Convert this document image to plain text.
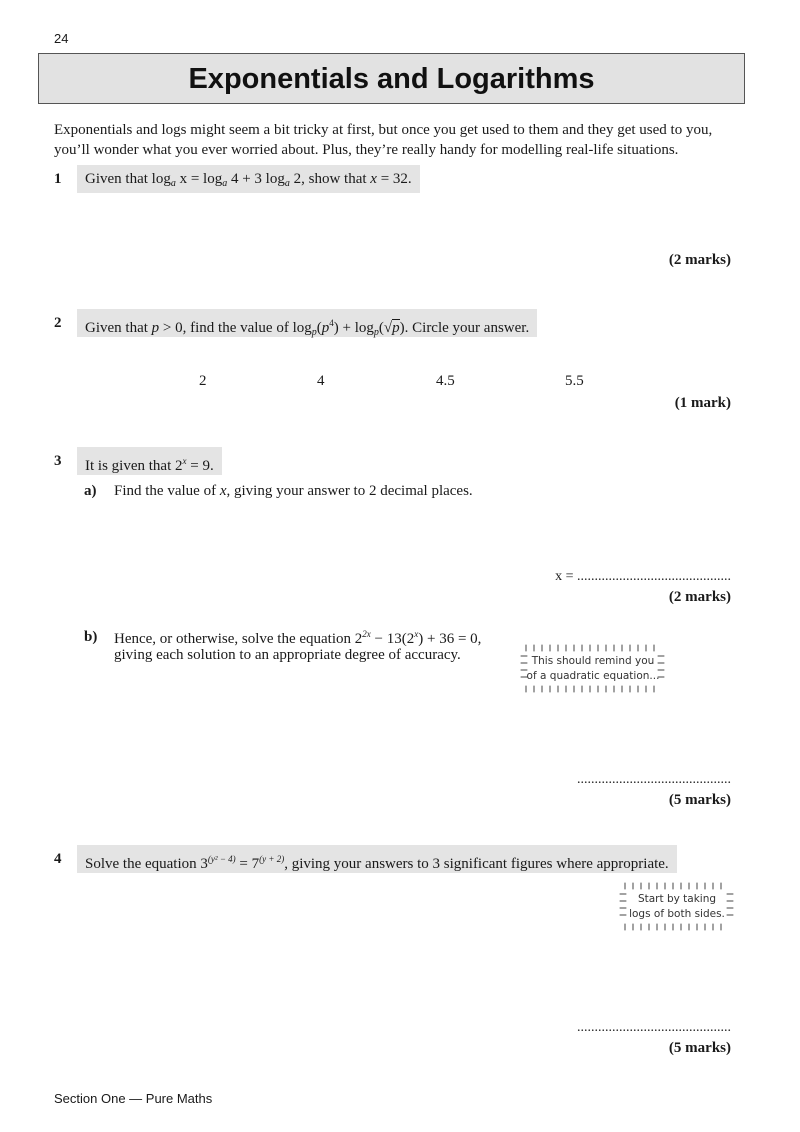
24
Exponentials and Logarithms
Exponentials and logs might seem a bit tricky at first, but once you get used to them and they get used to you, you’ll wonder what you ever worried about. Plus, they’re really handy for modelling real-life situations.
1	Given that $\log_a x = \log_a 4 + 3$ $\log_a 2$, show that x = 32.
(2 marks)
2	Given that p > 0, find the value of $\log_p(p^4) + \log_p(√p)$. Circle your answer.
2	4	4.5	5.5
(1 mark)
3	It is given that $2^x = 9$.
a) Find the value of x, giving your answer to 2 decimal places.
x = ............................................
(2 marks)
b) Hence, or otherwise, solve the equation $2^{2x} - 13(2^x) + 36 = 0$,
giving each solution to an appropriate degree of accuracy.	This should remind you
of a quadratic equation...
............................................
(5 marks)
4	Solve the equation $3^{(y^2 - 4)} = 7^{(y + 2)}$, giving your answers to 3 significant figures where appropriate.
Start by taking
logs of both sides.
............................................
(5 marks)
Section One — Pure Maths
